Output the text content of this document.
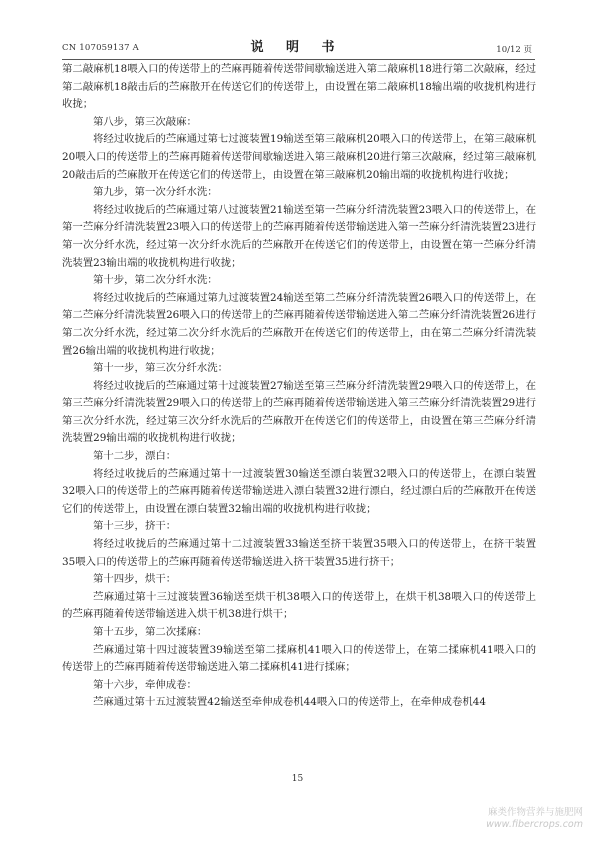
CN 107059137 A	说 明 书	10/12 页

第二敲麻机18喂入口的传送带上的苎麻再随着传送带间歇输送进入第二敲麻机18进行第二次敲麻，经过第二敲麻机18敲击后的苎麻散开在传送它们的传送带上，由设置在第二敲麻机18输出端的收拢机构进行收拢；

第八步，第三次敲麻：

将经过收拢后的苎麻通过第七过渡装置19输送至第三敲麻机20喂入口的传送带上，在第三敲麻机20喂入口的传送带上的苎麻再随着传送带间歇输送进入第三敲麻机20进行第三次敲麻，经过第三敲麻机20敲击后的苎麻散开在传送它们的传送带上，由设置在第三敲麻机20输出端的收拢机构进行收拢；

第九步，第一次分纤水洗：

将经过收拢后的苎麻通过第八过渡装置21输送至第一苎麻分纤清洗装置23喂入口的传送带上，在第一苎麻分纤清洗装置23喂入口的传送带上的苎麻再随着传送带输送进入第一苎麻分纤清洗装置23进行第一次分纤水洗，经过第一次分纤水洗后的苎麻散开在传送它们的传送带上，由设置在第一苎麻分纤清洗装置23输出端的收拢机构进行收拢；

第十步，第二次分纤水洗：

将经过收拢后的苎麻通过第九过渡装置24输送至第二苎麻分纤清洗装置26喂入口的传送带上，在第二苎麻分纤清洗装置26喂入口的传送带上的苎麻再随着传送带输送进入第二苎麻分纤清洗装置26进行第二次分纤水洗，经过第二次分纤水洗后的苎麻散开在传送它们的传送带上，由在第二苎麻分纤清洗装置26输出端的收拢机构进行收拢；

第十一步，第三次分纤水洗：

将经过收拢后的苎麻通过第十过渡装置27输送至第三苎麻分纤清洗装置29喂入口的传送带上，在第三苎麻分纤清洗装置29喂入口的传送带上的苎麻再随着传送带输送进入第三苎麻分纤清洗装置29进行第三次分纤水洗，经过第三次分纤水洗后的苎麻散开在传送它们的传送带上，由设置在第三苎麻分纤清洗装置29输出端的收拢机构进行收拢；

第十二步，漂白：

将经过收拢后的苎麻通过第十一过渡装置30输送至漂白装置32喂入口的传送带上，在漂白装置32喂入口的传送带上的苎麻再随着传送带输送进入漂白装置32进行漂白，经过漂白后的苎麻散开在传送它们的传送带上，由设置在漂白装置32输出端的收拢机构进行收拢；

第十三步，挤干：

将经过收拢后的苎麻通过第十二过渡装置33输送至挤干装置35喂入口的传送带上，在挤干装置35喂入口的传送带上的苎麻再随着传送带输送进入挤干装置35进行挤干；

第十四步，烘干：

苎麻通过第十三过渡装置36输送至烘干机38喂入口的传送带上，在烘干机38喂入口的传送带上的苎麻再随着传送带输送进入烘干机38进行烘干；

第十五步，第二次揉麻：

苎麻通过第十四过渡装置39输送至第二揉麻机41喂入口的传送带上，在第二揉麻机41喂入口的传送带上的苎麻再随着传送带输送进入第二揉麻机41进行揉麻；

第十六步，牵伸成卷：

苎麻通过第十五过渡装置42输送至牵伸成卷机44喂入口的传送带上，在牵伸成卷机44

15
麻类作物营养与施肥网
www.fibercrops.com
